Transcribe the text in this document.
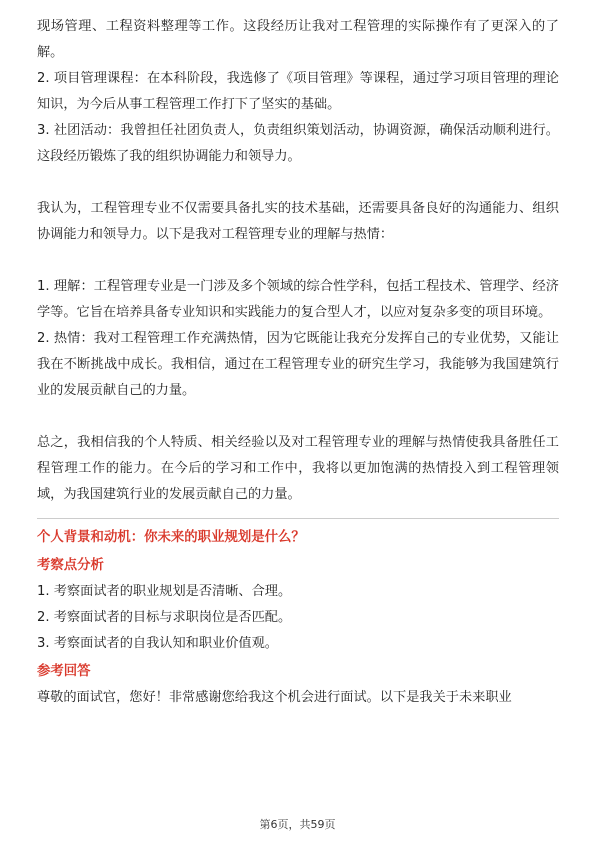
现场管理、工程资料整理等工作。这段经历让我对工程管理的实际操作有了更深入的了解。

2. 项目管理课程：在本科阶段，我选修了《项目管理》等课程，通过学习项目管理的理论知识，为今后从事工程管理工作打下了坚实的基础。

3. 社团活动：我曾担任社团负责人，负责组织策划活动，协调资源，确保活动顺利进行。这段经历锻炼了我的组织协调能力和领导力。

我认为，工程管理专业不仅需要具备扎实的技术基础，还需要具备良好的沟通能力、组织协调能力和领导力。以下是我对工程管理专业的理解与热情：

1. 理解：工程管理专业是一门涉及多个领域的综合性学科，包括工程技术、管理学、经济学等。它旨在培养具备专业知识和实践能力的复合型人才，以应对复杂多变的项目环境。

2. 热情：我对工程管理工作充满热情，因为它既能让我充分发挥自己的专业优势，又能让我在不断挑战中成长。我相信，通过在工程管理专业的研究生学习，我能够为我国建筑行业的发展贡献自己的力量。

总之，我相信我的个人特质、相关经验以及对工程管理专业的理解与热情使我具备胜任工程管理工作的能力。在今后的学习和工作中，我将以更加饱满的热情投入到工程管理领域，为我国建筑行业的发展贡献自己的力量。

个人背景和动机：你未来的职业规划是什么？

考察点分析

1. 考察面试者的职业规划是否清晰、合理。

2. 考察面试者的目标与求职岗位是否匹配。

3. 考察面试者的自我认知和职业价值观。

参考回答

尊敬的面试官，您好！非常感谢您给我这个机会进行面试。以下是我关于未来职业

第6页，共59页
